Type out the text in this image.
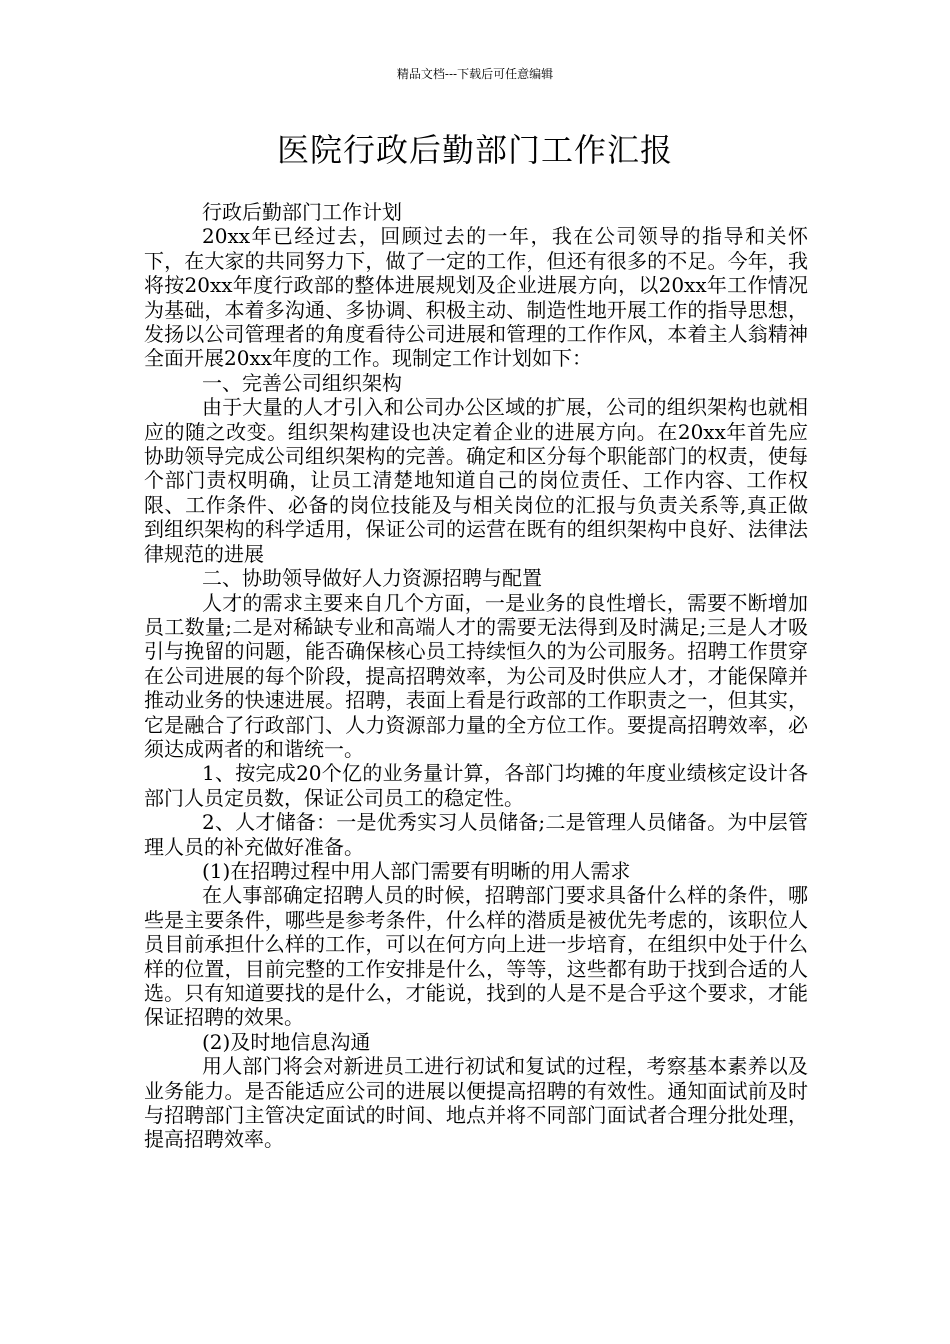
精品文档---下载后可任意编辑
医院行政后勤部门工作汇报

行政后勤部门工作计划

20xx年已经过去，回顾过去的一年，我在公司领导的指导和关怀下，在大家的共同努力下，做了一定的工作，但还有很多的不足。今年，我将按20xx年度行政部的整体进展规划及企业进展方向，以20xx年工作情况为基础，本着多沟通、多协调、积极主动、制造性地开展工作的指导思想，发扬以公司管理者的角度看待公司进展和管理的工作作风，本着主人翁精神全面开展20xx年度的工作。现制定工作计划如下：

一、完善公司组织架构

由于大量的人才引入和公司办公区域的扩展，公司的组织架构也就相应的随之改变。组织架构建设也决定着企业的进展方向。在20xx年首先应协助领导完成公司组织架构的完善。确定和区分每个职能部门的权责，使每个部门责权明确，让员工清楚地知道自己的岗位责任、工作内容、工作权限、工作条件、必备的岗位技能及与相关岗位的汇报与负责关系等,真正做到组织架构的科学适用，保证公司的运营在既有的组织架构中良好、法律法律规范的进展

二、协助领导做好人力资源招聘与配置

人才的需求主要来自几个方面，一是业务的良性增长，需要不断增加员工数量;二是对稀缺专业和高端人才的需要无法得到及时满足;三是人才吸引与挽留的问题，能否确保核心员工持续恒久的为公司服务。招聘工作贯穿在公司进展的每个阶段，提高招聘效率，为公司及时供应人才，才能保障并推动业务的快速进展。招聘，表面上看是行政部的工作职责之一，但其实，它是融合了行政部门、人力资源部力量的全方位工作。要提高招聘效率，必须达成两者的和谐统一。

1、按完成20个亿的业务量计算，各部门均摊的年度业绩核定设计各部门人员定员数，保证公司员工的稳定性。

2、人才储备：一是优秀实习人员储备;二是管理人员储备。为中层管理人员的补充做好准备。

(1)在招聘过程中用人部门需要有明晰的用人需求

在人事部确定招聘人员的时候，招聘部门要求具备什么样的条件，哪些是主要条件，哪些是参考条件，什么样的潜质是被优先考虑的，该职位人员目前承担什么样的工作，可以在何方向上进一步培育，在组织中处于什么样的位置，目前完整的工作安排是什么，等等，这些都有助于找到合适的人选。只有知道要找的是什么，才能说，找到的人是不是合乎这个要求，才能保证招聘的效果。

(2)及时地信息沟通

用人部门将会对新进员工进行初试和复试的过程，考察基本素养以及业务能力。是否能适应公司的进展以便提高招聘的有效性。通知面试前及时与招聘部门主管决定面试的时间、地点并将不同部门面试者合理分批处理，提高招聘效率。
